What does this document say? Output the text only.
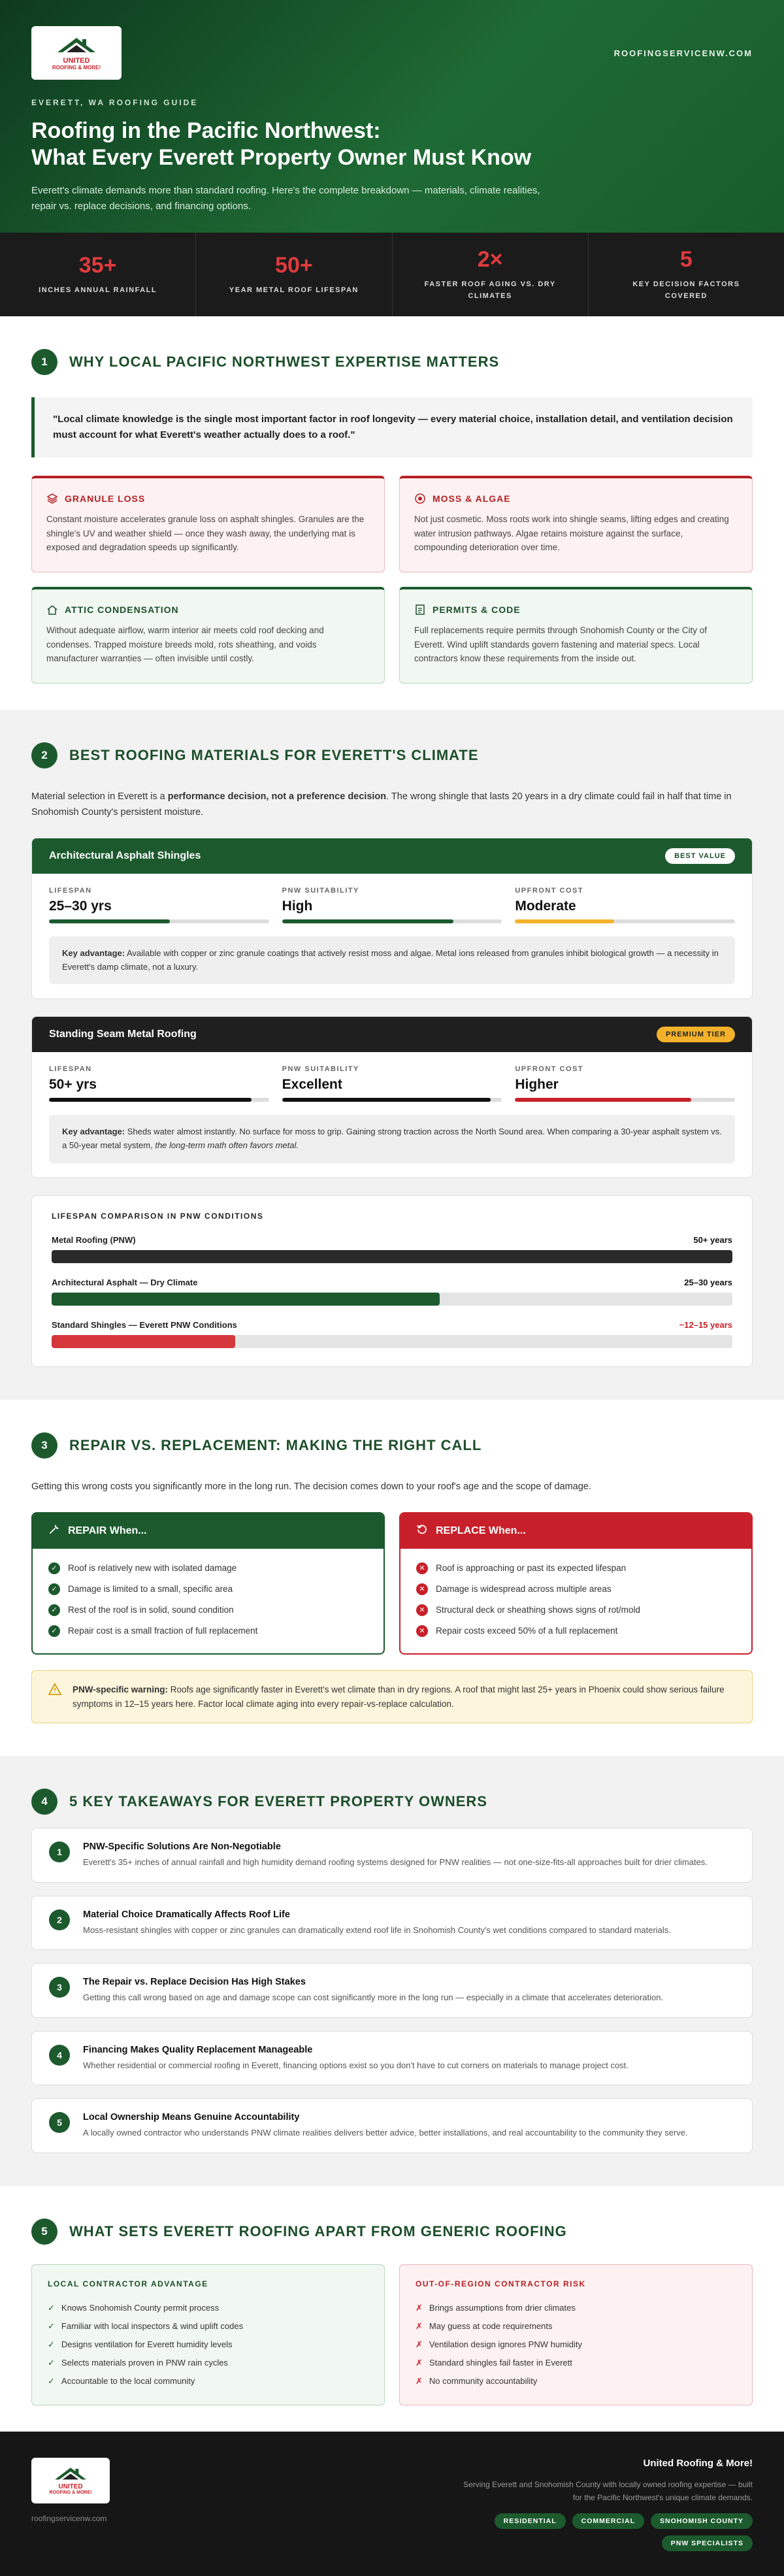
UNITED
ROOFING & MORE!
ROOFINGSERVICENW.COM
EVERETT, WA ROOFING GUIDE
Roofing in the Pacific Northwest:
What Every Everett Property Owner Must Know

Everett's climate demands more than standard roofing. Here's the complete breakdown — materials, climate realities, repair vs. replace decisions, and financing options.

35+
INCHES ANNUAL RAINFALL
50+
YEAR METAL ROOF LIFESPAN
2×
FASTER ROOF AGING VS. DRY CLIMATES
5
KEY DECISION FACTORS COVERED
1	WHY LOCAL PACIFIC NORTHWEST EXPERTISE MATTERS
"Local climate knowledge is the single most important factor in roof longevity — every material choice, installation detail, and ventilation decision must account for what Everett's weather actually does to a roof."
GRANULE LOSS

Constant moisture accelerates granule loss on asphalt shingles. Granules are the shingle's UV and weather shield — once they wash away, the underlying mat is exposed and degradation speeds up significantly.

MOSS & ALGAE

Not just cosmetic. Moss roots work into shingle seams, lifting edges and creating water intrusion pathways. Algae retains moisture against the surface, compounding deterioration over time.

ATTIC CONDENSATION

Without adequate airflow, warm interior air meets cold roof decking and condenses. Trapped moisture breeds mold, rots sheathing, and voids manufacturer warranties — often invisible until costly.

PERMITS & CODE

Full replacements require permits through Snohomish County or the City of Everett. Wind uplift standards govern fastening and material specs. Local contractors know these requirements from the inside out.

2	BEST ROOFING MATERIALS FOR EVERETT'S CLIMATE

Material selection in Everett is a performance decision, not a preference decision. The wrong shingle that lasts 20 years in a dry climate could fail in half that time in Snohomish County's persistent moisture.

Architectural Asphalt Shingles	BEST VALUE
LIFESPAN
25–30 yrs
PNW SUITABILITY
High
UPFRONT COST
Moderate
Key advantage: Available with copper or zinc granule coatings that actively resist moss and algae. Metal ions released from granules inhibit biological growth — a necessity in Everett's damp climate, not a luxury.
Standing Seam Metal Roofing	PREMIUM TIER
LIFESPAN
50+ yrs
PNW SUITABILITY
Excellent
UPFRONT COST
Higher
Key advantage: Sheds water almost instantly. No surface for moss to grip. Gaining strong traction across the North Sound area. When comparing a 30-year asphalt system vs. a 50-year metal system, the long-term math often favors metal.
LIFESPAN COMPARISON IN PNW CONDITIONS
Metal Roofing (PNW)	50+ years
Architectural Asphalt — Dry Climate	25–30 years
Standard Shingles — Everett PNW Conditions	~12–15 years
3	REPAIR VS. REPLACEMENT: MAKING THE RIGHT CALL

Getting this wrong costs you significantly more in the long run. The decision comes down to your roof's age and the scope of damage.

REPAIR When...
✓	Roof is relatively new with isolated damage
✓	Damage is limited to a small, specific area
✓	Rest of the roof is in solid, sound condition
✓	Repair cost is a small fraction of full replacement
REPLACE When...
✕	Roof is approaching or past its expected lifespan
✕	Damage is widespread across multiple areas
✕	Structural deck or sheathing shows signs of rot/mold
✕	Repair costs exceed 50% of a full replacement

PNW-specific warning: Roofs age significantly faster in Everett's wet climate than in dry regions. A roof that might last 25+ years in Phoenix could show serious failure symptoms in 12–15 years here. Factor local climate aging into every repair-vs-replace calculation.

4	5 KEY TAKEAWAYS FOR EVERETT PROPERTY OWNERS
1	PNW-Specific Solutions Are Non-Negotiable

Everett's 35+ inches of annual rainfall and high humidity demand roofing systems designed for PNW realities — not one-size-fits-all approaches built for drier climates.

2	Material Choice Dramatically Affects Roof Life

Moss-resistant shingles with copper or zinc granules can dramatically extend roof life in Snohomish County's wet conditions compared to standard materials.

3	The Repair vs. Replace Decision Has High Stakes

Getting this call wrong based on age and damage scope can cost significantly more in the long run — especially in a climate that accelerates deterioration.

4	Financing Makes Quality Replacement Manageable

Whether residential or commercial roofing in Everett, financing options exist so you don't have to cut corners on materials to manage project cost.

5	Local Ownership Means Genuine Accountability

A locally owned contractor who understands PNW climate realities delivers better advice, better installations, and real accountability to the community they serve.

5	WHAT SETS EVERETT ROOFING APART FROM GENERIC ROOFING
LOCAL CONTRACTOR ADVANTAGE
✓ Knows Snohomish County permit process
✓ Familiar with local inspectors & wind uplift codes
✓ Designs ventilation for Everett humidity levels
✓ Selects materials proven in PNW rain cycles
✓ Accountable to the local community
OUT-OF-REGION CONTRACTOR RISK
✗ Brings assumptions from drier climates
✗ May guess at code requirements
✗ Ventilation design ignores PNW humidity
✗ Standard shingles fail faster in Everett
✗ No community accountability
UNITED
ROOFING & MORE!
roofingservicenw.com
United Roofing & More!

Serving Everett and Snohomish County with locally owned roofing expertise — built for the Pacific Northwest's unique climate demands.

RESIDENTIAL	COMMERCIAL	SNOHOMISH COUNTY
PNW SPECIALISTS
